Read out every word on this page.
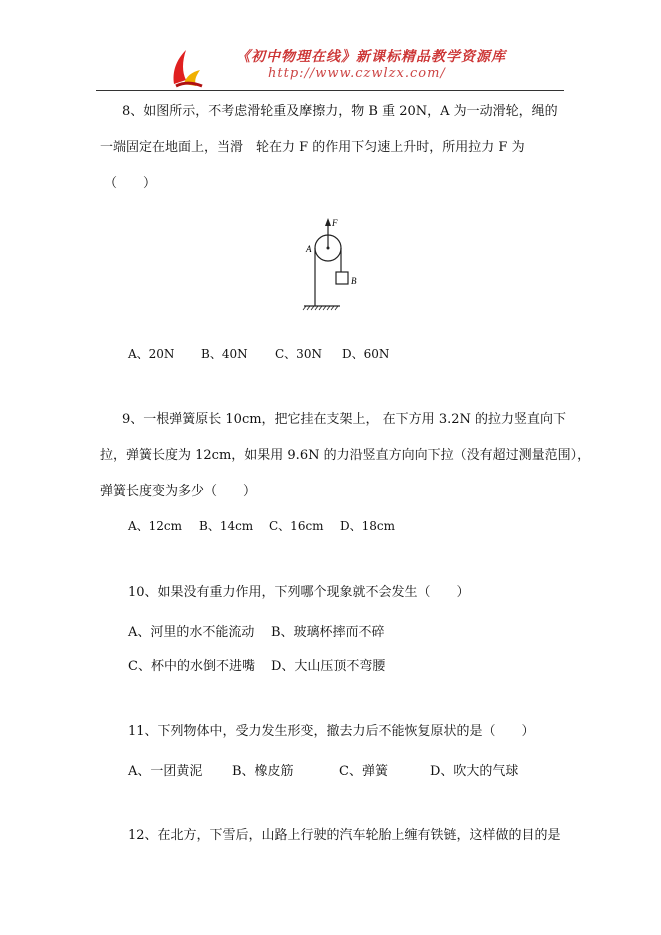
《初中物理在线》新课标精品教学资源库
http://www.czwlzx.com/
8、如图所示，不考虑滑轮重及摩擦力，物 B 重 20N，A 为一动滑轮，绳的
一端固定在地面上，当滑　轮在力 F 的作用下匀速上升时，所用拉力 F 为
（　　）
F
A
B
A、20N B、40N C、30N D、60N
9、一根弹簧原长 10cm，把它挂在支架上， 在下方用 3.2N 的拉力竖直向下
拉，弹簧长度为 12cm，如果用 9.6N 的力沿竖直方向向下拉（没有超过测量范围），
弹簧长度变为多少（　　）
A、12cm B、14cm C、16cm D、18cm
10、如果没有重力作用，下列哪个现象就不会发生（　　）
A、河里的水不能流动 B、玻璃杯摔而不碎
C、杯中的水倒不进嘴 D、大山压顶不弯腰
11、下列物体中，受力发生形变，撤去力后不能恢复原状的是（　　）
A、一团黄泥 B、橡皮筋	C、弹簧	D、吹大的气球
12、在北方，下雪后，山路上行驶的汽车轮胎上缠有铁链，这样做的目的是
